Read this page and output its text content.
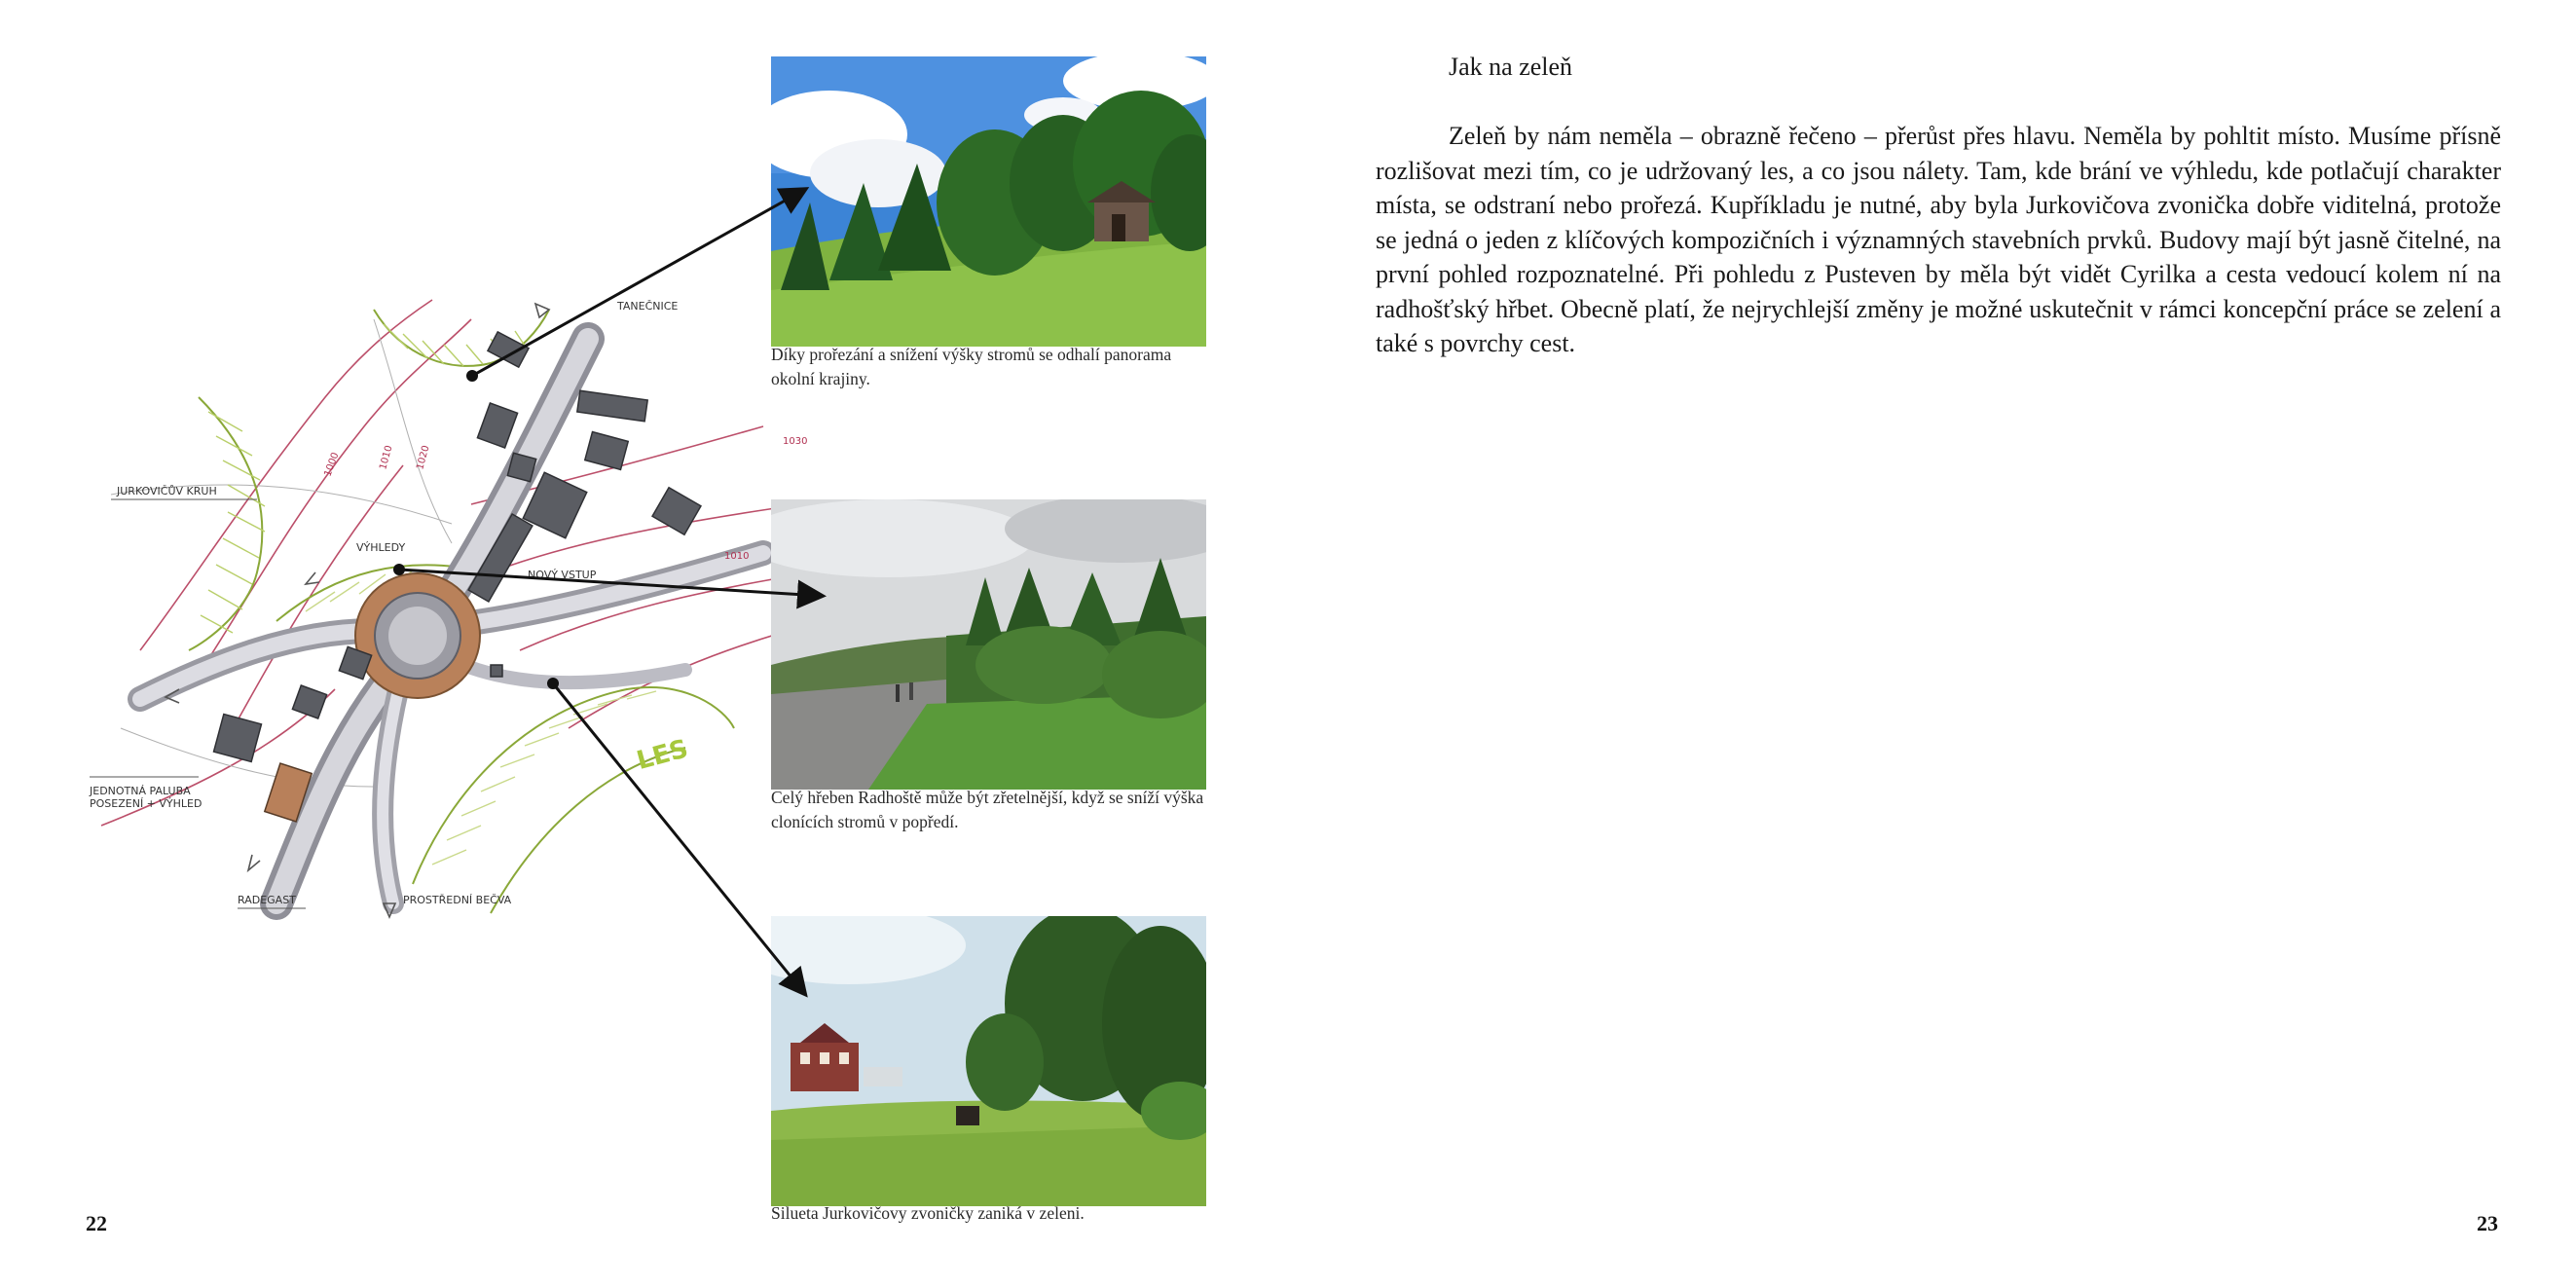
TANEČNICE
JURKOVIČŮV KRUH
VÝHLEDY
NOVÝ VSTUP
JEDNOTNÁ PALUBA POSEZENÍ + VÝHLED
RADEGAST	PROSTŘEDNÍ BEČVA
LES
1000	1010 1020
1030
1010
Díky prořezání a snížení výšky stromů se odhalí panorama okolní krajiny.
Celý hřeben Radhoště může být zřetelnější, když se sníží výška clonících stromů v popředí.
Silueta Jurkovičovy zvoničky zaniká v zeleni.
22
Jak na zeleň

Zeleň by nám neměla – obrazně řečeno – přerůst přes hlavu. Neměla by pohltit místo. Musíme přísně rozlišovat mezi tím, co je udržovaný les, a co jsou nálety. Tam, kde brání ve výhledu, kde potlačují charakter místa, se odstraní nebo prořezá. Kupříkladu je nutné, aby byla Jurkovičova zvonička dobře viditelná, protože se jedná o jeden z klíčových kompozičních i významných stavebních prvků. Budovy mají být jasně čitelné, na první pohled rozpoznatelné. Při pohledu z Pusteven by měla být vidět Cyrilka a cesta vedoucí kolem ní na radhošťský hřbet. Obecně platí, že nejrychlejší změny je možné uskutečnit v rámci koncepční práce se zelení a také s povrchy cest.

23
